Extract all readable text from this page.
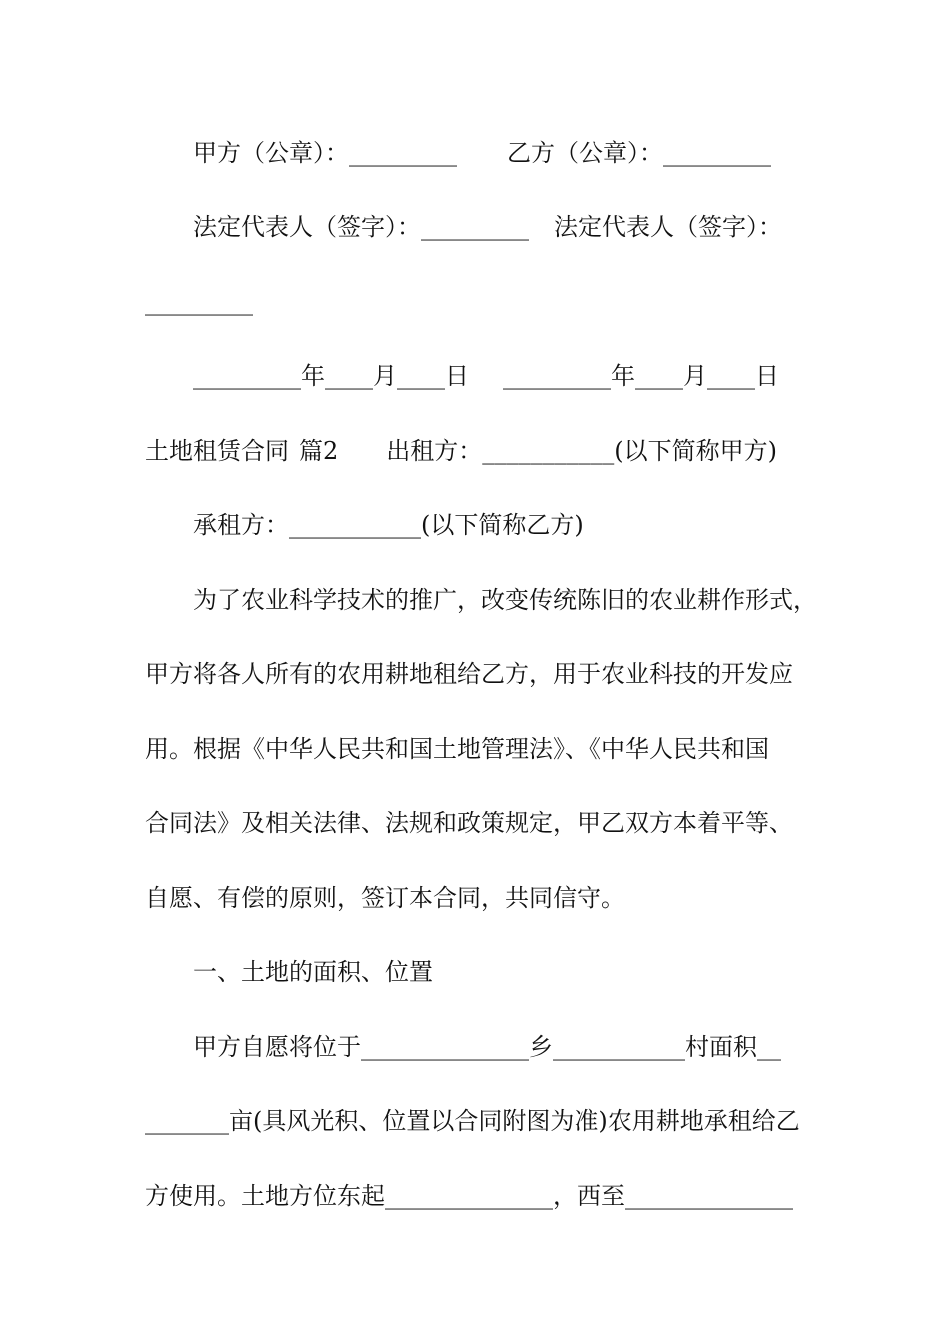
甲方（公章）：_________ 乙方（公章）：_________
法定代表人（签字）：_________ 法定代表人（签字）：
_________
_________年____月____日 _________年____月____日
土地租赁合同 篇2 出租方：___________(以下简称甲方)
承租方：___________(以下简称乙方)
为了农业科学技术的推广，改变传统陈旧的农业耕作形式，
甲方将各人所有的农用耕地租给乙方，用于农业科技的开发应
用。根据《中华人民共和国土地管理法》、《中华人民共和国
合同法》及相关法律、法规和政策规定，甲乙双方本着平等、
自愿、有偿的原则，签订本合同，共同信守。
一、土地的面积、位置
甲方自愿将位于______________乡___________村面积__
_______亩(具风光积、位置以合同附图为准)农用耕地承租给乙
方使用。土地方位东起______________，西至______________
